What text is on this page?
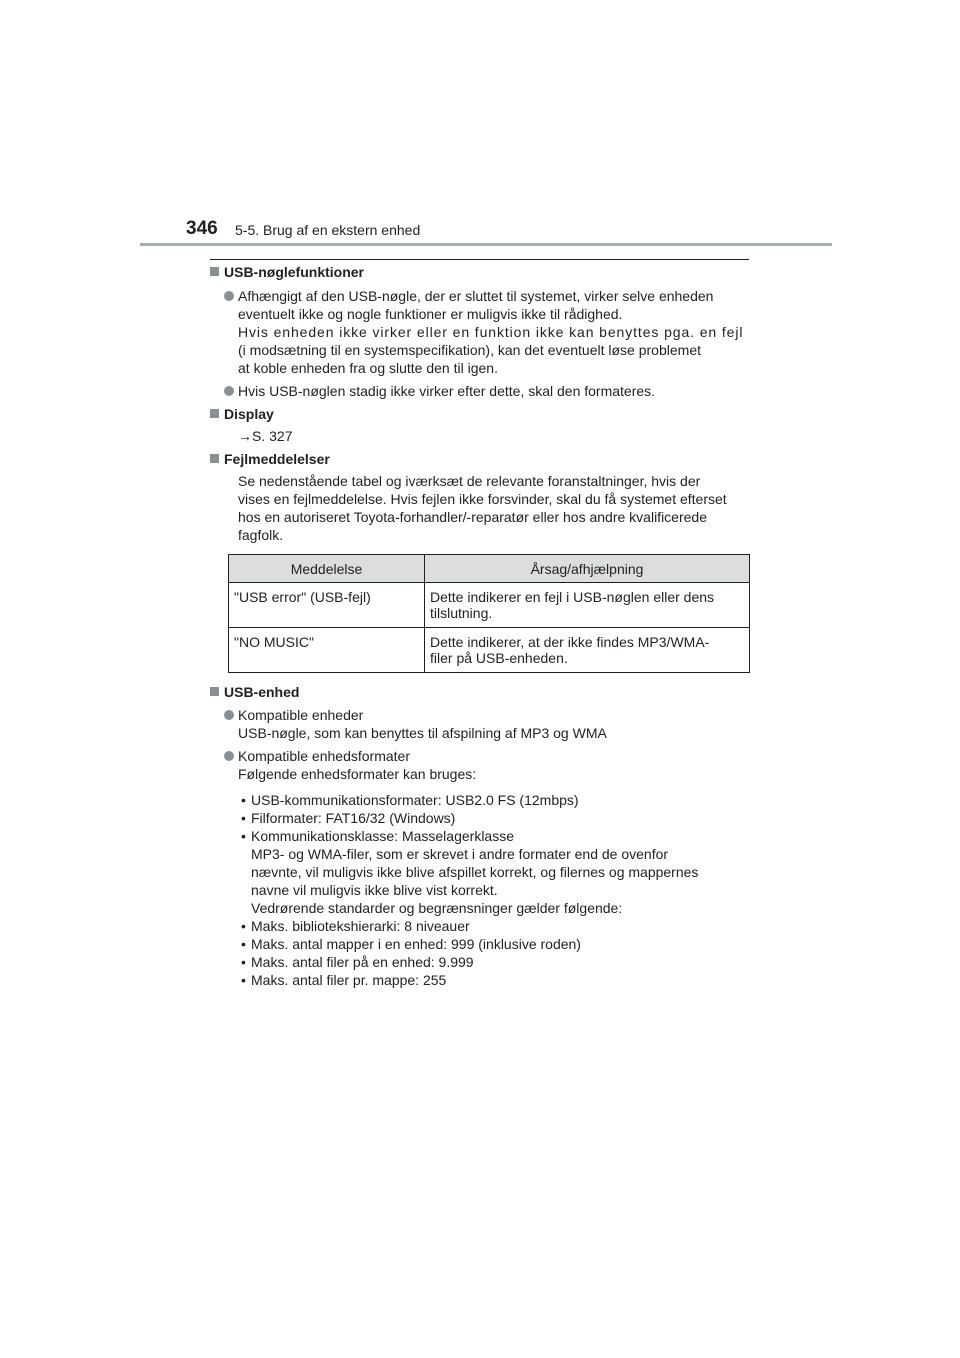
346 5-5. Brug af en ekstern enhed
USB-nøglefunktioner
Afhængigt af den USB-nøgle, der er sluttet til systemet, virker selve enheden
eventuelt ikke og nogle funktioner er muligvis ikke til rådighed.
Hvis enheden ikke virker eller en funktion ikke kan benyttes pga. en fejl
(i modsætning til en systemspecifikation), kan det eventuelt løse problemet
at koble enheden fra og slutte den til igen.
Hvis USB-nøglen stadig ikke virker efter dette, skal den formateres.
Display
→S. 327
Fejlmeddelelser
Se nedenstående tabel og iværksæt de relevante foranstaltninger, hvis der
vises en fejlmeddelelse. Hvis fejlen ikke forsvinder, skal du få systemet efterset
hos en autoriseret Toyota-forhandler/-reparatør eller hos andre kvalificerede
fagfolk.
Meddelelse	Årsag/afhjælpning
"USB error" (USB-fejl)	Dette indikerer en fejl i USB-nøglen eller dens
tilslutning.

"NO MUSIC"	Dette indikerer, at der ikke findes MP3/WMA-
filer på USB-enheden.
USB-enhed
Kompatible enheder
USB-nøgle, som kan benyttes til afspilning af MP3 og WMA
Kompatible enhedsformater
Følgende enhedsformater kan bruges:
• USB-kommunikationsformater: USB2.0 FS (12mbps)
• Filformater: FAT16/32 (Windows)
• Kommunikationsklasse: Masselagerklasse
MP3- og WMA-filer, som er skrevet i andre formater end de ovenfor
nævnte, vil muligvis ikke blive afspillet korrekt, og filernes og mappernes
navne vil muligvis ikke blive vist korrekt.
Vedrørende standarder og begrænsninger gælder følgende:
• Maks. bibliotekshierarki: 8 niveauer
• Maks. antal mapper i en enhed: 999 (inklusive roden)
• Maks. antal filer på en enhed: 9.999
• Maks. antal filer pr. mappe: 255
